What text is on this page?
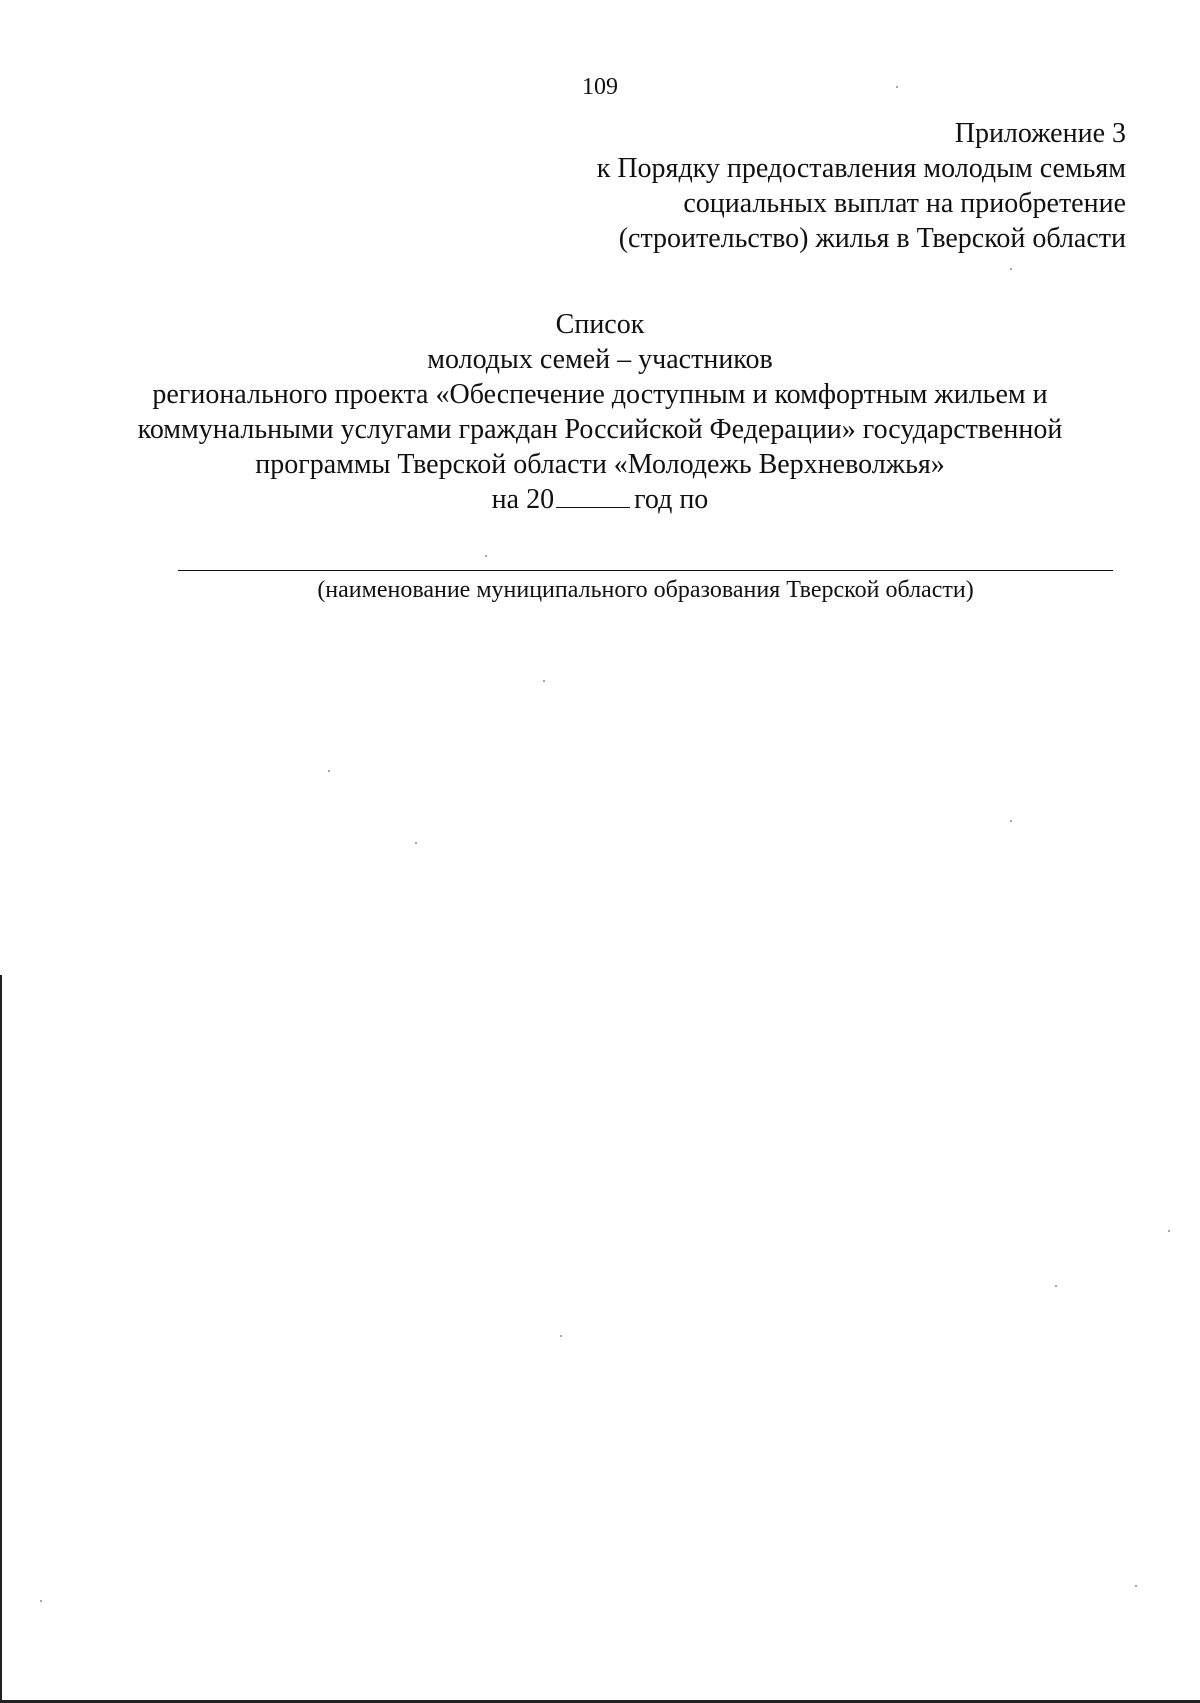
109
Приложение 3
к Порядку предоставления молодым семьям
социальных выплат на приобретение
(строительство) жилья в Тверской области
Список
молодых семей – участников
регионального проекта «Обеспечение доступным и комфортным жильем и
коммунальными услугами граждан Российской Федерации» государственной
программы Тверской области «Молодежь Верхневолжья»
на 20	год по
(наименование муниципального образования Тверской области)
